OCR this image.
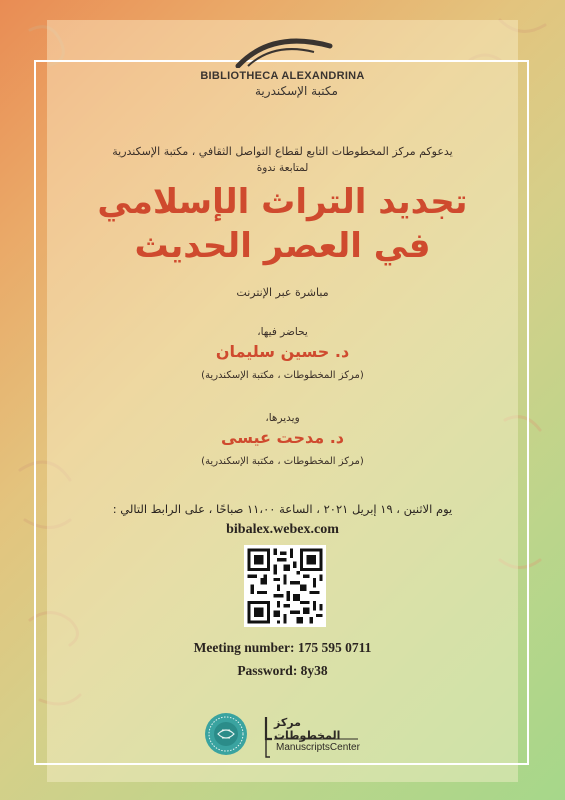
BIBLIOTHECA ALEXANDRINA
مكتبة الإسكندرية
يدعوكم مركز المخطوطات التابع لقطاع التواصل الثقافي ، مكتبة الإسكندرية
لمتابعة ندوة
تجديد التراث الإسلامي
في العصر الحديث
مباشرة عبر الإنترنت
يحاضر فيها،
د. حسين سليمان
(مركز المخطوطات ، مكتبة الإسكندرية)
ويديرها،
د. مدحت عيسى
(مركز المخطوطات ، مكتبة الإسكندرية)
يوم الاثنين ، ١٩ إبريل ٢٠٢١ ، الساعة ١١،٠٠ صباحًا ، على الرابط التالي :
bibalex.webex.com
Meeting number: 175 595 0711
Password: 8y38
مركز المخطوطات
ManuscriptsCenter
